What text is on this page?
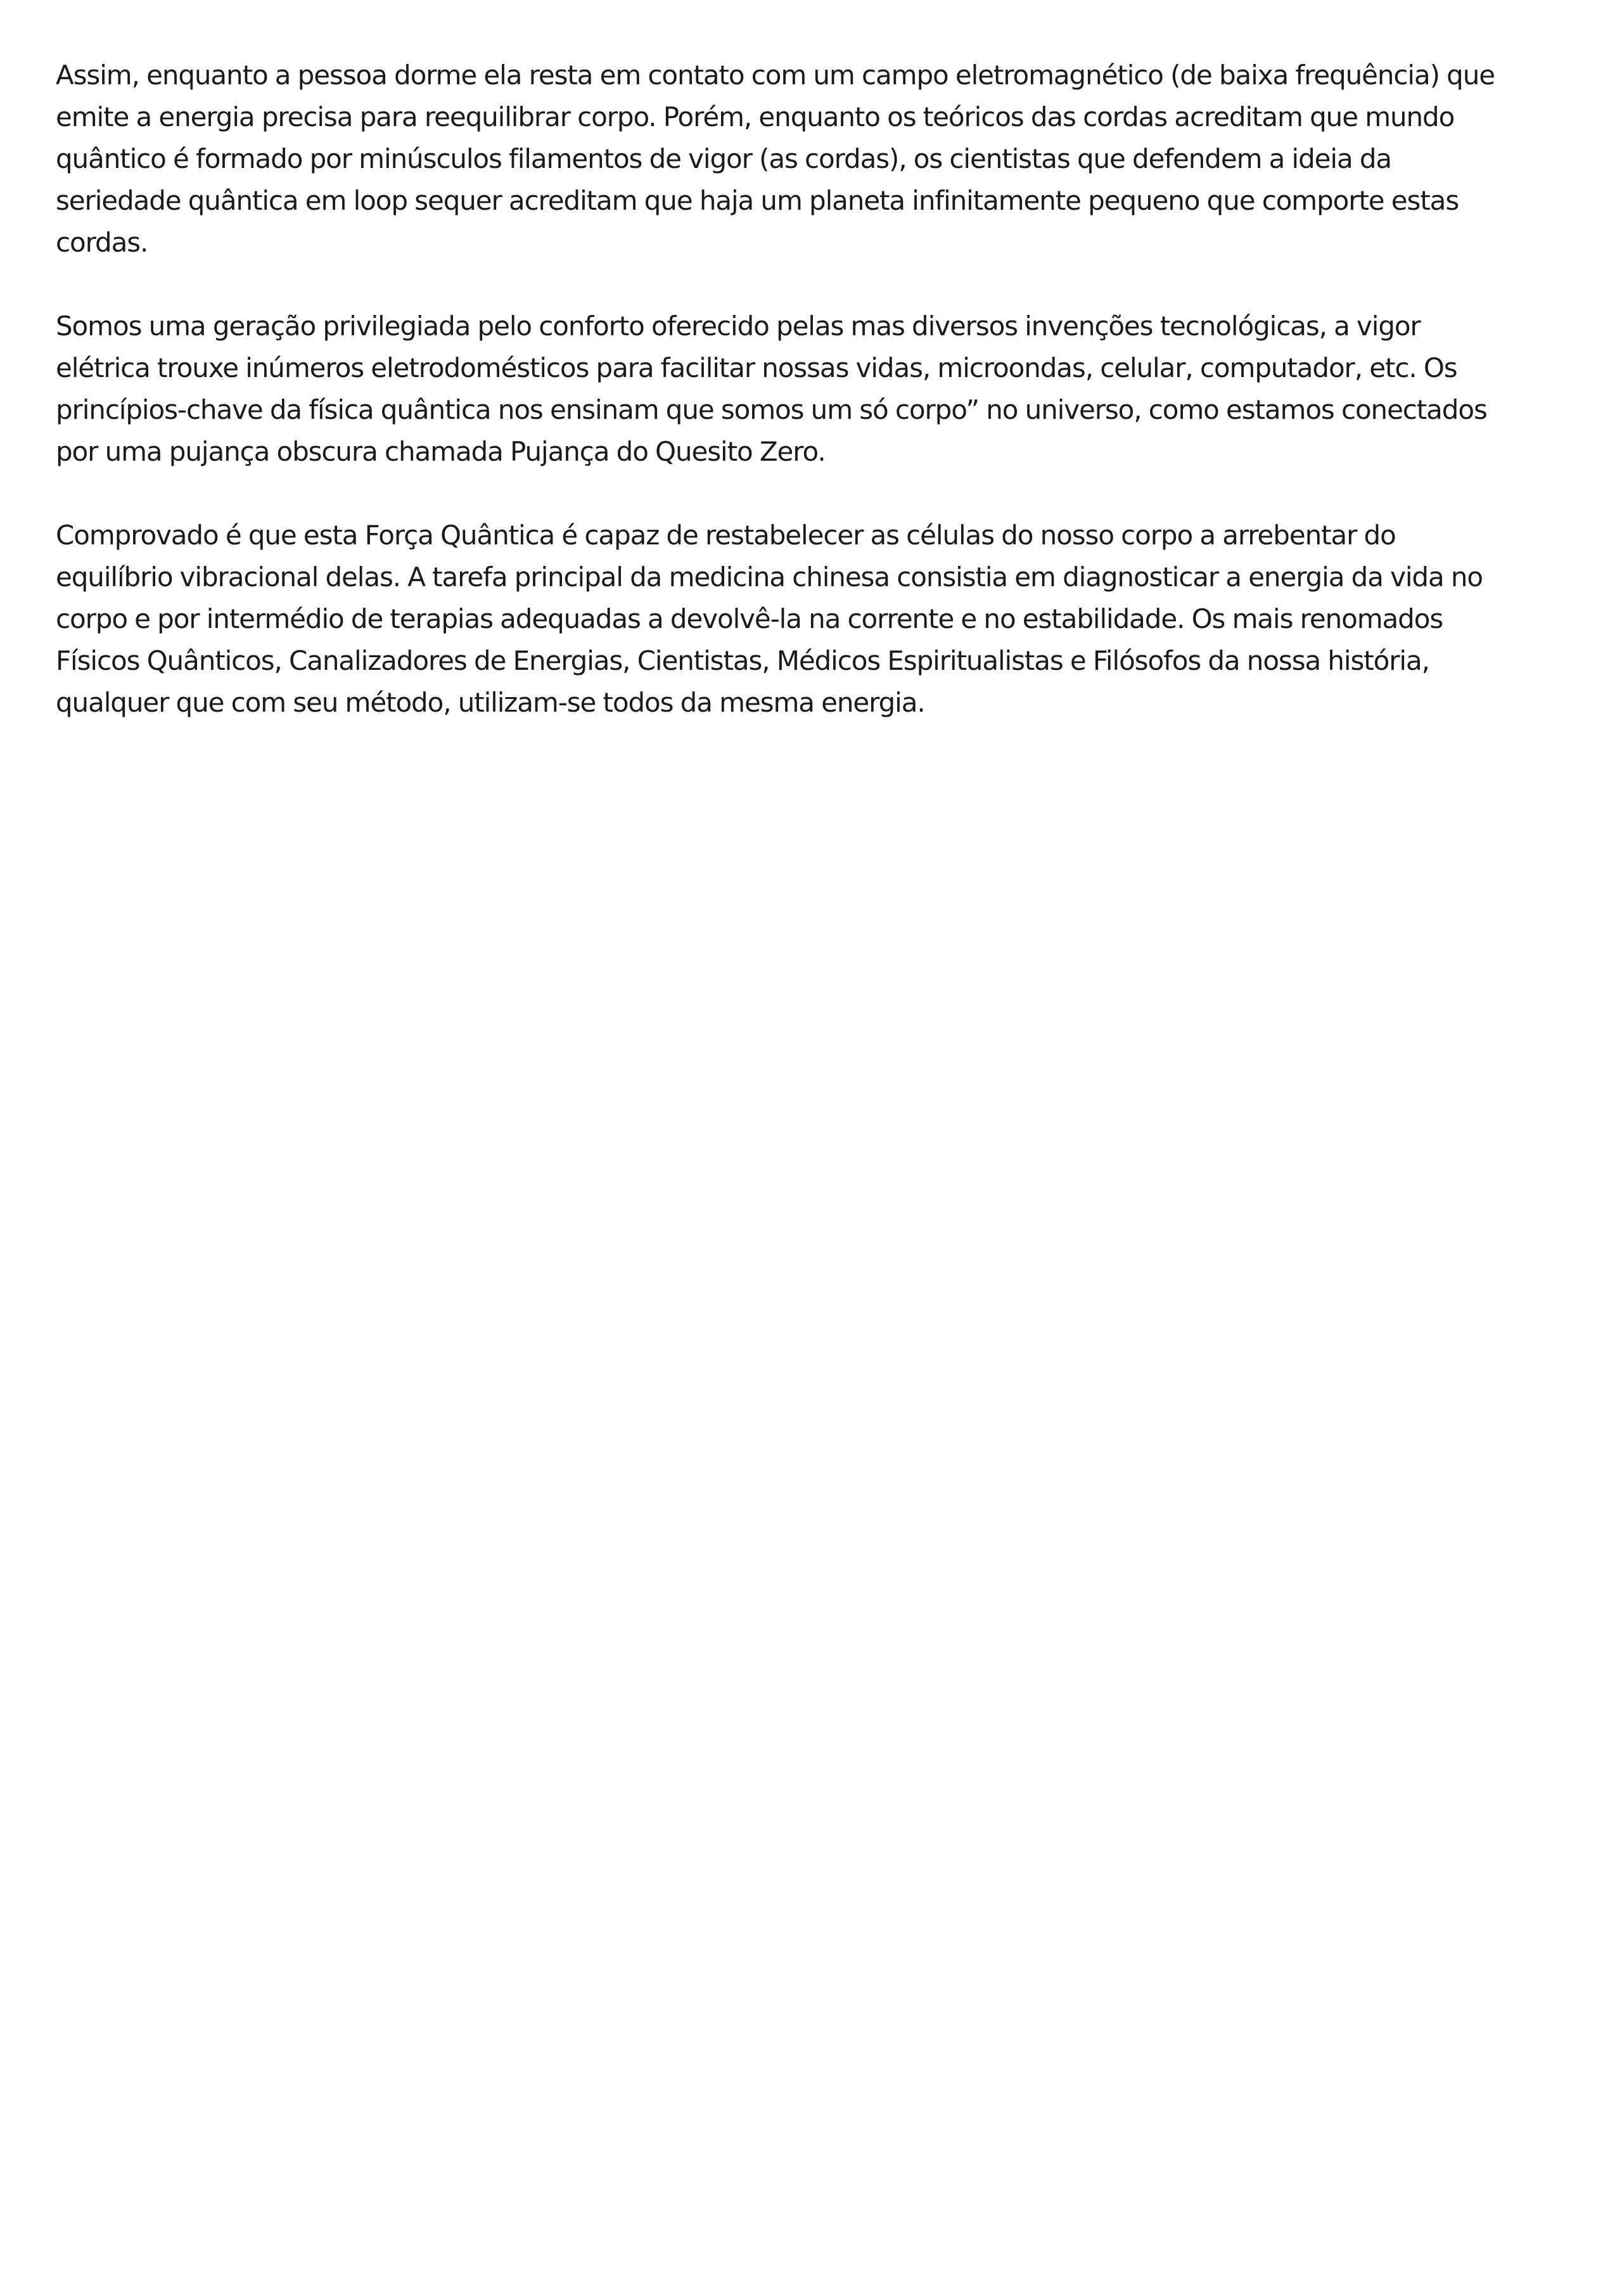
Assim, enquanto a pessoa dorme ela resta em contato com um campo eletromagnético (de baixa frequência) que
emite a energia precisa para reequilibrar corpo. Porém, enquanto os teóricos das cordas acreditam que mundo
quântico é formado por minúsculos filamentos de vigor (as cordas), os cientistas que defendem a ideia da
seriedade quântica em loop sequer acreditam que haja um planeta infinitamente pequeno que comporte estas
cordas.

Somos uma geração privilegiada pelo conforto oferecido pelas mas diversos invenções tecnológicas, a vigor
elétrica trouxe inúmeros eletrodomésticos para facilitar nossas vidas, microondas, celular, computador, etc. Os
princípios-chave da física quântica nos ensinam que somos um só corpo” no universo, como estamos conectados
por uma pujança obscura chamada Pujança do Quesito Zero.

Comprovado é que esta Força Quântica é capaz de restabelecer as células do nosso corpo a arrebentar do
equilíbrio vibracional delas. A tarefa principal da medicina chinesa consistia em diagnosticar a energia da vida no
corpo e por intermédio de terapias adequadas a devolvê-la na corrente e no estabilidade. Os mais renomados
Físicos Quânticos, Canalizadores de Energias, Cientistas, Médicos Espiritualistas e Filósofos da nossa história,
qualquer que com seu método, utilizam-se todos da mesma energia.
